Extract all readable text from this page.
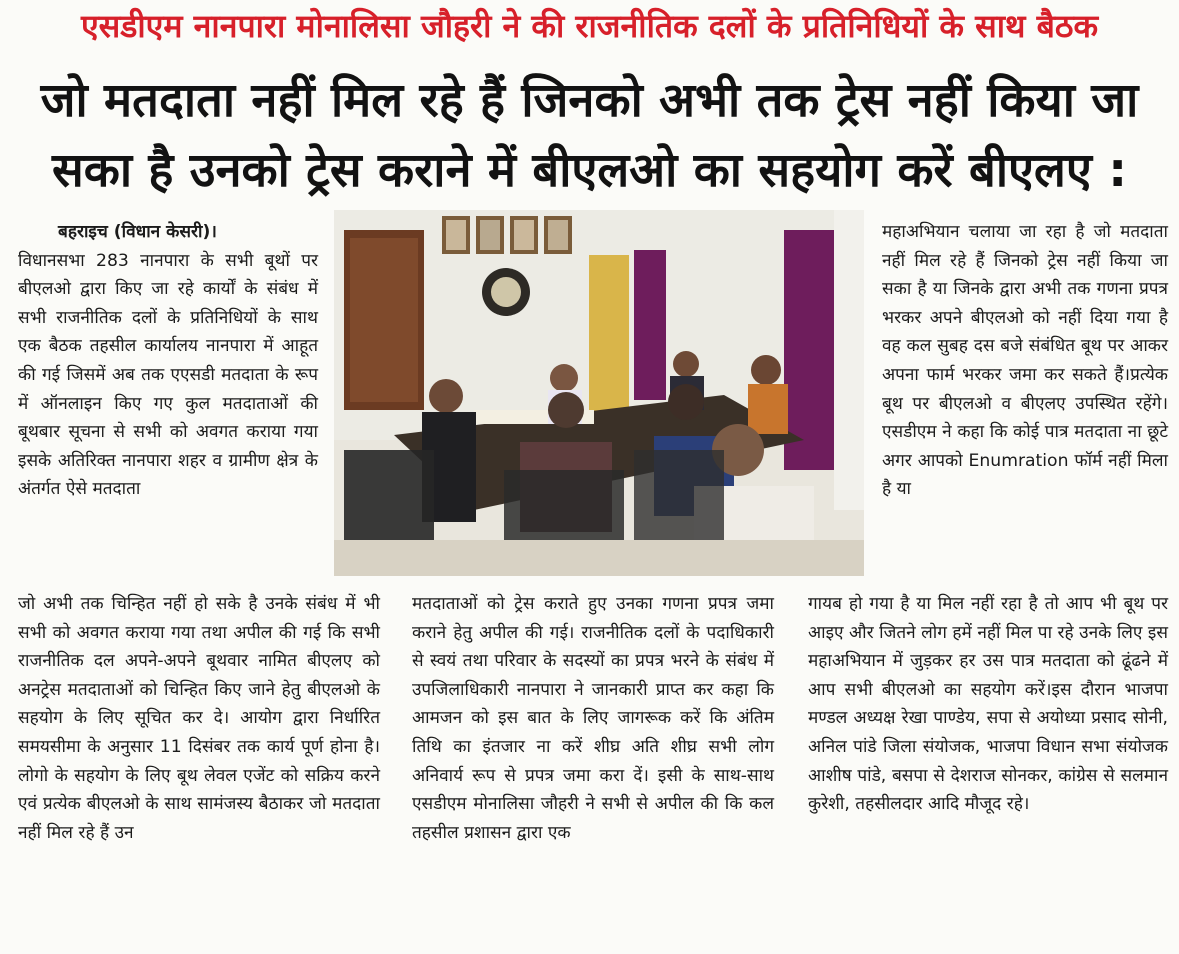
एसडीएम नानपारा मोनालिसा जौहरी ने की राजनीतिक दलों के प्रतिनिधियों के साथ बैठक
जो मतदाता नहीं मिल रहे हैं जिनको अभी तक ट्रेस नहीं किया जा सका है उनको ट्रेस कराने में बीएलओ का सहयोग करें बीएलए :

बहराइच (विधान केसरी)।

विधानसभा 283 नानपारा के सभी बूथों पर बीएलओ द्वारा किए जा रहे कार्यों के संबंध में सभी राजनीतिक दलों के प्रतिनिधियों के साथ एक बैठक तहसील कार्यालय नानपारा में आहूत की गई जिसमें अब तक एएसडी मतदाता के रूप में ऑनलाइन किए गए कुल मतदाताओं की बूथबार सूचना से सभी को अवगत कराया गया इसके अतिरिक्त नानपारा शहर व ग्रामीण क्षेत्र के अंतर्गत ऐसे मतदाता

जो अभी तक चिन्हित नहीं हो सके है उनके संबंध में भी सभी को अवगत कराया गया तथा अपील की गई कि सभी राजनीतिक दल अपने-अपने बूथवार नामित बीएलए को अनट्रेस मतदाताओं को चिन्हित किए जाने हेतु बीएलओ के सहयोग के लिए सूचित कर दे। आयोग द्वारा निर्धारित समयसीमा के अनुसार 11 दिसंबर तक कार्य पूर्ण होना है। लोगो के सहयोग के लिए बूथ लेवल एजेंट को सक्रिय करने एवं प्रत्येक बीएलओ के साथ सामंजस्य बैठाकर जो मतदाता नहीं मिल रहे हैं उन

मतदाताओं को ट्रेस कराते हुए उनका गणना प्रपत्र जमा कराने हेतु अपील की गई। राजनीतिक दलों के पदाधिकारी से स्वयं तथा परिवार के सदस्यों का प्रपत्र भरने के संबंध में उपजिलाधिकारी नानपारा ने जानकारी प्राप्त कर कहा कि आमजन को इस बात के लिए जागरूक करें कि अंतिम तिथि का इंतजार ना करें शीघ्र अति शीघ्र सभी लोग अनिवार्य रूप से प्रपत्र जमा करा दें। इसी के साथ-साथ एसडीएम मोनालिसा जौहरी ने सभी से अपील की कि कल तहसील प्रशासन द्वारा एक

महाअभियान चलाया जा रहा है जो मतदाता नहीं मिल रहे हैं जिनको ट्रेस नहीं किया जा सका है या जिनके द्वारा अभी तक गणना प्रपत्र भरकर अपने बीएलओ को नहीं दिया गया है वह कल सुबह दस बजे संबंधित बूथ पर आकर अपना फार्म भरकर जमा कर सकते हैं।प्रत्येक बूथ पर बीएलओ व बीएलए उपस्थित रहेंगे। एसडीएम ने कहा कि कोई पात्र मतदाता ना छूटे अगर आपको Enumration फॉर्म नहीं मिला है या

गायब हो गया है या मिल नहीं रहा है तो आप भी बूथ पर आइए और जितने लोग हमें नहीं मिल पा रहे उनके लिए इस महाअभियान में जुड़कर हर उस पात्र मतदाता को ढूंढने में आप सभी बीएलओ का सहयोग करें।इस दौरान भाजपा मण्डल अध्यक्ष रेखा पाण्डेय, सपा से अयोध्या प्रसाद सोनी, अनिल पांडे जिला संयोजक, भाजपा विधान सभा संयोजक आशीष पांडे, बसपा से देशराज सोनकर, कांग्रेस से सलमान कुरेशी, तहसीलदार आदि मौजूद रहे।
